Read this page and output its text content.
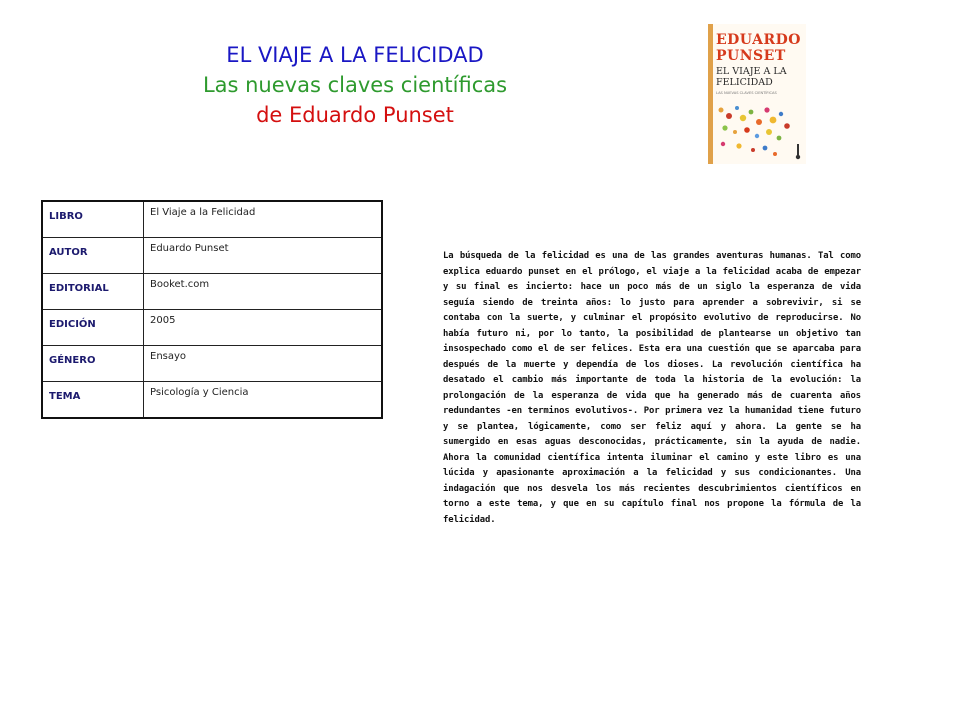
EL VIAJE A LA FELICIDAD
Las nuevas claves científicas
de Eduardo Punset
EDUARDO
PUNSET
EL VIAJE A LA
FELICIDAD
LAS NUEVAS CLAVES CIENTÍFICAS
LIBRO	El Viaje a la Felicidad
AUTOR	Eduardo Punset
EDITORIAL	Booket.com
EDICIÓN	2005
GÉNERO	Ensayo
TEMA	Psicología y Ciencia
La búsqueda de la felicidad es una de las grandes aventuras humanas. Tal como explica eduardo punset en el prólogo, el viaje a la felicidad acaba de empezar y su final es incierto: hace un poco más de un siglo la esperanza de vida seguía siendo de treinta años: lo justo para aprender a sobrevivir, si se contaba con la suerte, y culminar el propósito evolutivo de reproducirse. No había futuro ni, por lo tanto, la posibilidad de plantearse un objetivo tan insospechado como el de ser felices. Esta era una cuestión que se aparcaba para después de la muerte y dependía de los dioses. La revolución científica ha desatado el cambio más importante de toda la historia de la evolución: la prolongación de la esperanza de vida que ha generado más de cuarenta años redundantes -en terminos evolutivos-. Por primera vez la humanidad tiene futuro y se plantea, lógicamente, como ser feliz aquí y ahora. La gente se ha sumergido en esas aguas desconocidas, prácticamente, sin la ayuda de nadie. Ahora la comunidad científica intenta iluminar el camino y este libro es una lúcida y apasionante aproximación a la felicidad y sus condicionantes. Una indagación que nos desvela los más recientes descubrimientos científicos en torno a este tema, y que en su capítulo final nos propone la fórmula de la felicidad.
